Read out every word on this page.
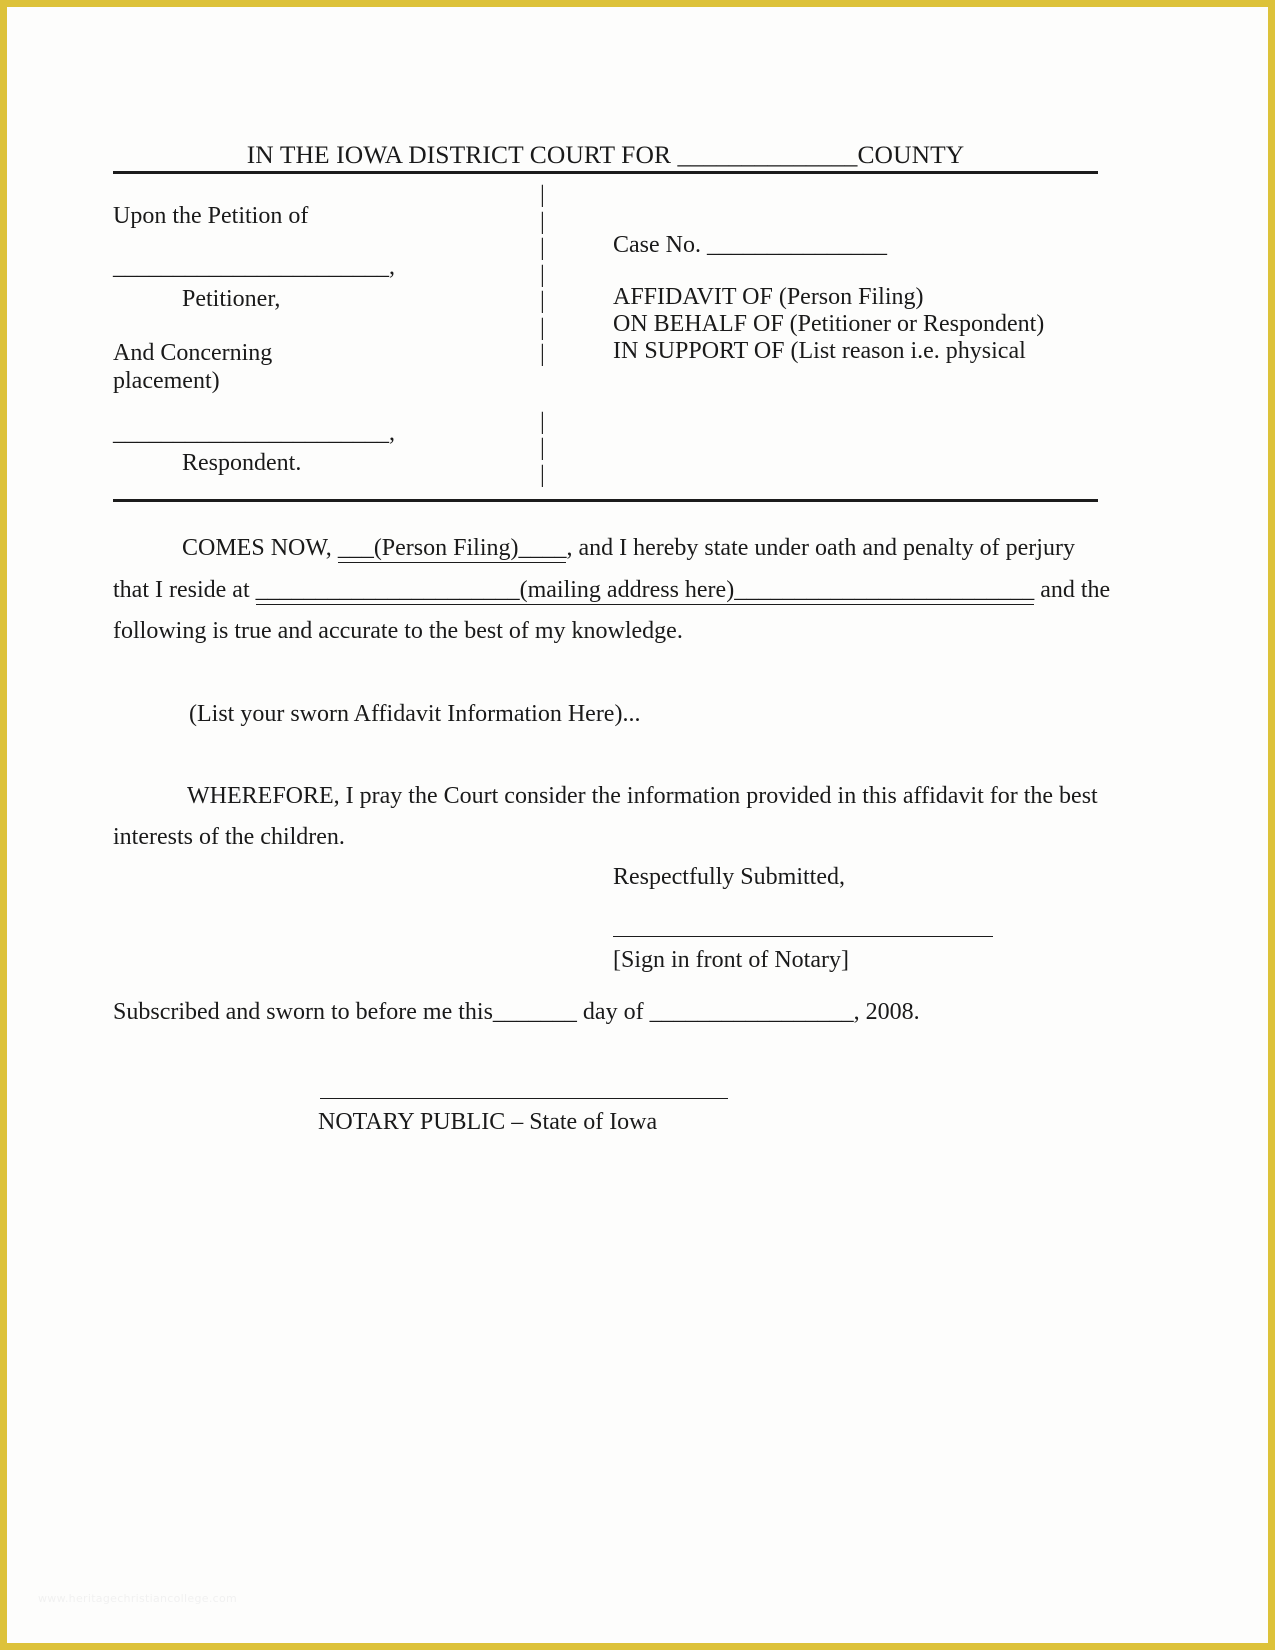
IN THE IOWA DISTRICT COURT FOR ______________COUNTY
Upon the Petition of
_______________________,
Petitioner,
And Concerning
placement)
_______________________,
Respondent.
|
|
|
|
|
|
|
|
|
|
Case No. _______________
AFFIDAVIT OF (Person Filing)
ON BEHALF OF (Petitioner or Respondent)
IN SUPPORT OF (List reason i.e. physical
COMES NOW, ___(Person Filing)____, and I hereby state under oath and penalty of perjury
that I reside at ______________________(mailing address here)_________________________ and the
following is true and accurate to the best of my knowledge.
(List your sworn Affidavit Information Here)...
WHEREFORE, I pray the Court consider the information provided in this affidavit for the best
interests of the children.
Respectfully Submitted,
[Sign in front of Notary]
Subscribed and sworn to before me this_______ day of _________________, 2008.
NOTARY PUBLIC – State of Iowa
www.heritagechristiancollege.com
